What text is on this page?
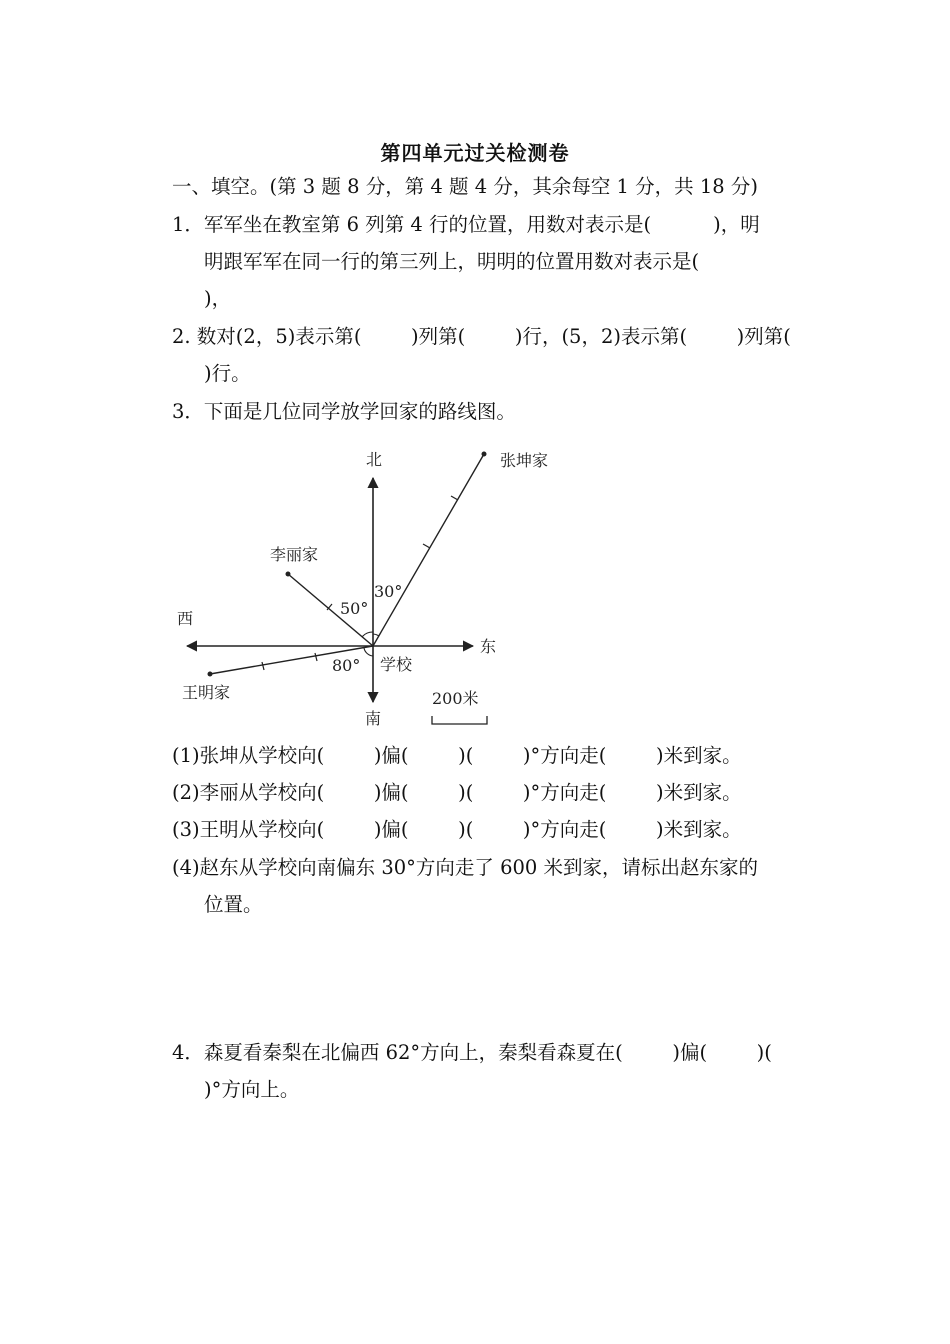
第四单元过关检测卷
一、填空。(第 3 题 8 分，第 4 题 4 分，其余每空 1 分，共 18 分)
1．军军坐在教室第 6 列第 4 行的位置，用数对表示是(          )，明
明跟军军在同一行的第三列上，明明的位置用数对表示是(
)，
2. 数对(2，5)表示第(        )列第(        )行，(5，2)表示第(        )列第(
)行。
3．下面是几位同学放学回家的路线图。
北
南
东
西
张坤家
李丽家
王明家
学校
30°
50°
80°
200米
(1)张坤从学校向(        )偏(        )(        )°方向走(        )米到家。
(2)李丽从学校向(        )偏(        )(        )°方向走(        )米到家。
(3)王明从学校向(        )偏(        )(        )°方向走(        )米到家。
(4)赵东从学校向南偏东 30°方向走了 600 米到家，请标出赵东家的
位置。
4．森夏看秦梨在北偏西 62°方向上，秦梨看森夏在(        )偏(        )(
)°方向上。
